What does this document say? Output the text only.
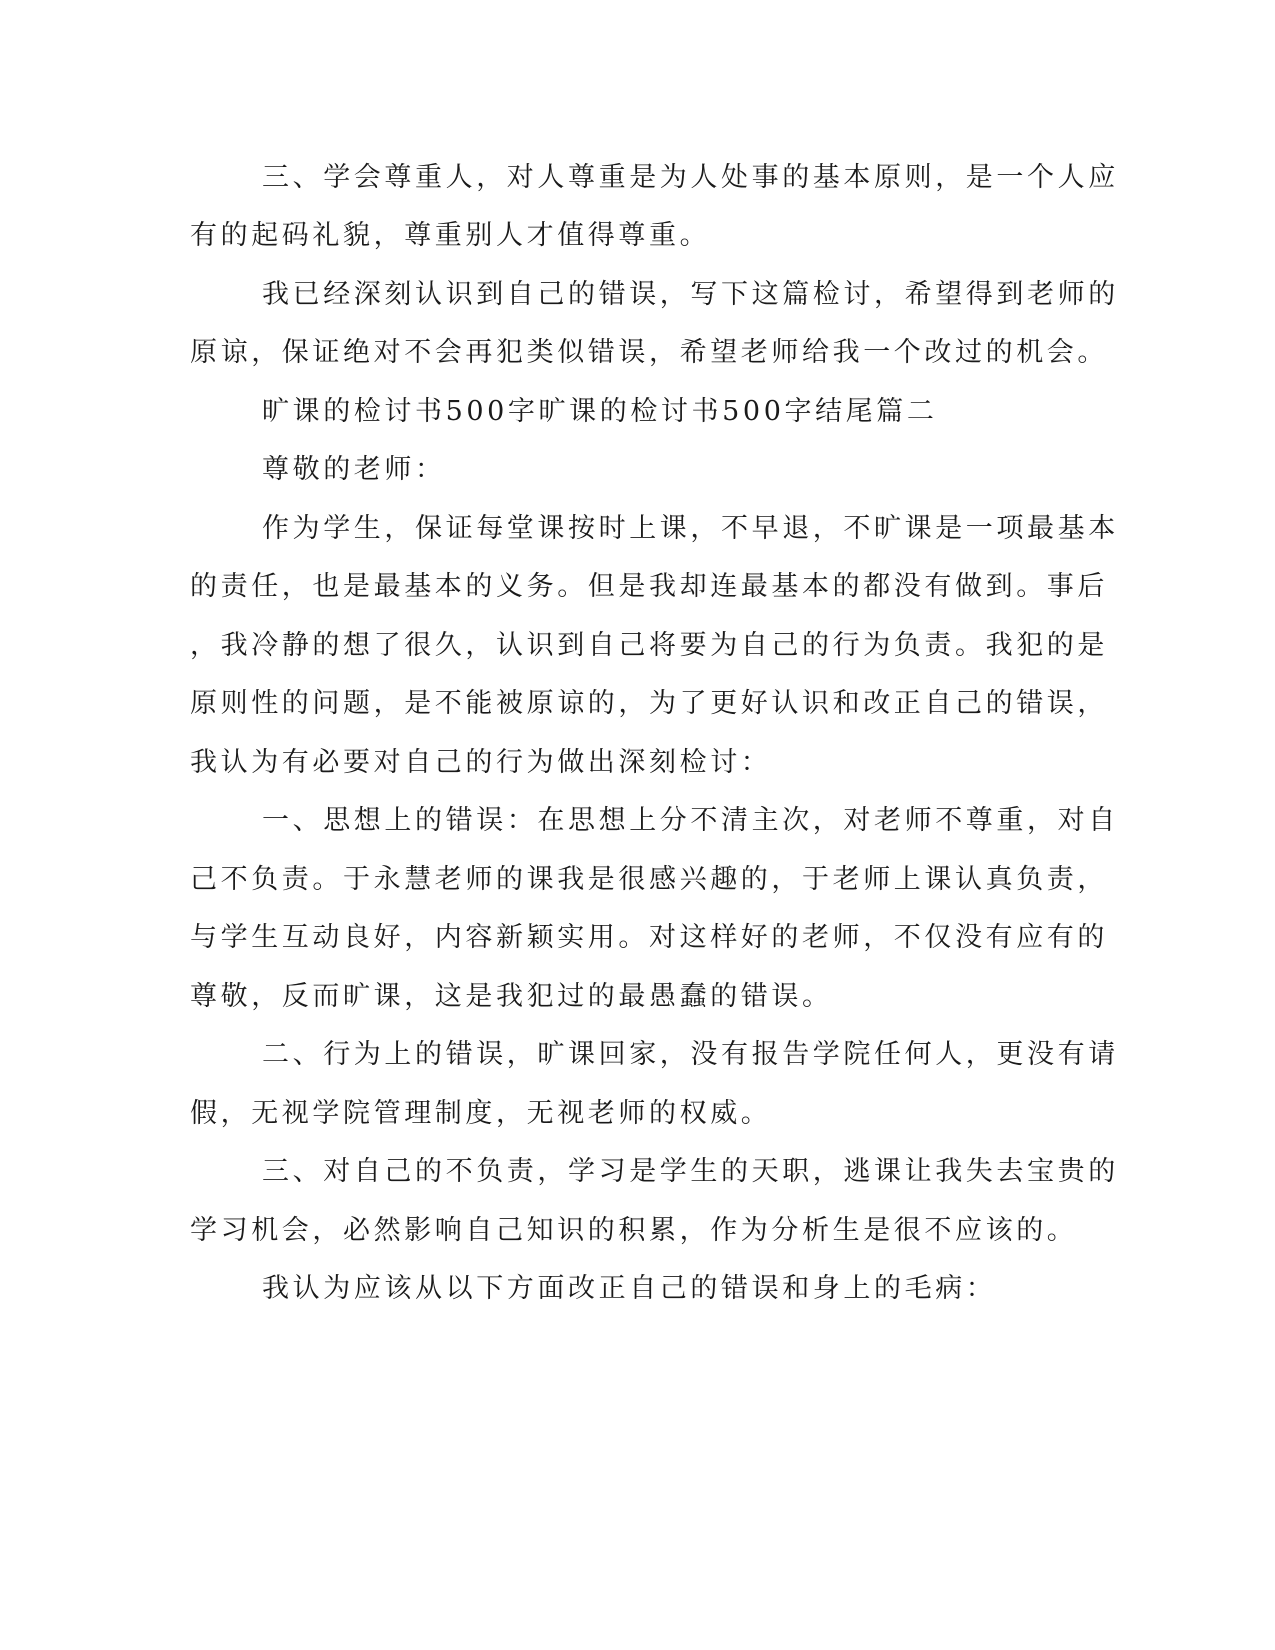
三、学会尊重人，对人尊重是为人处事的基本原则，是一个人应
有的起码礼貌，尊重别人才值得尊重。
我已经深刻认识到自己的错误，写下这篇检讨，希望得到老师的
原谅，保证绝对不会再犯类似错误，希望老师给我一个改过的机会。
旷课的检讨书500字旷课的检讨书500字结尾篇二
尊敬的老师：
作为学生，保证每堂课按时上课，不早退，不旷课是一项最基本
的责任，也是最基本的义务。但是我却连最基本的都没有做到。事后
，我冷静的想了很久，认识到自己将要为自己的行为负责。我犯的是
原则性的问题，是不能被原谅的，为了更好认识和改正自己的错误，
我认为有必要对自己的行为做出深刻检讨：
一、思想上的错误：在思想上分不清主次，对老师不尊重，对自
己不负责。于永慧老师的课我是很感兴趣的，于老师上课认真负责，
与学生互动良好，内容新颖实用。对这样好的老师，不仅没有应有的
尊敬，反而旷课，这是我犯过的最愚蠢的错误。
二、行为上的错误，旷课回家，没有报告学院任何人，更没有请
假，无视学院管理制度，无视老师的权威。
三、对自己的不负责，学习是学生的天职，逃课让我失去宝贵的
学习机会，必然影响自己知识的积累，作为分析生是很不应该的。
我认为应该从以下方面改正自己的错误和身上的毛病：
